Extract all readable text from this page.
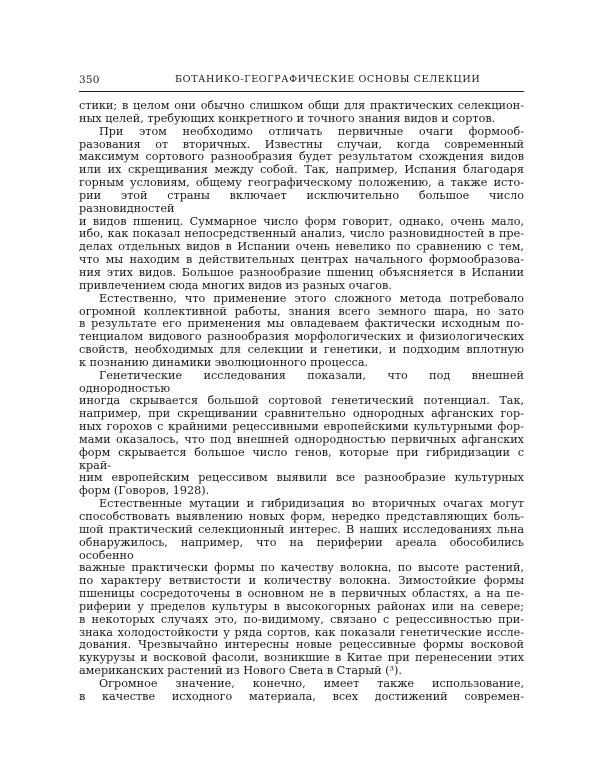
350	БОТАНИКО-ГЕОГРАФИЧЕСКИЕ ОСНОВЫ СЕЛЕКЦИИ

стики; в целом они обычно слишком общи для практических селекцион-
ных целей, требующих конкретного и точного знания видов и сортов.

При этом необходимо отличать первичные очаги формооб-
разования от вторичных. Известны случаи, когда современный
максимум сортового разнообразия будет результатом схождения видов
или их скрещивания между собой. Так, например, Испания благодаря
горным условиям, общему географическому положению, а также исто-
рии этой страны включает исключительно большое число разновидностей
и видов пшениц. Суммарное число форм говорит, однако, очень мало,
ибо, как показал непосредственный анализ, число разновидностей в пре-
делах отдельных видов в Испании очень невелико по сравнению с тем,
что мы находим в действительных центрах начального формообразова-
ния этих видов. Большое разнообразие пшениц объясняется в Испании
привлечением сюда многих видов из разных очагов.

Естественно, что применение этого сложного метода потребовало
огромной коллективной работы, знания всего земного шара, но зато
в результате его применения мы овладеваем фактически исходным по-
тенциалом видового разнообразия морфологических и физиологических
свойств, необходимых для селекции и генетики, и подходим вплотную
к познанию динамики эволюционного процесса.

Генетические исследования показали, что под внешней однородностью
иногда скрывается большой сортовой генетический потенциал. Так,
например, при скрещивании сравнительно однородных афганских гор-
ных горохов с крайними рецессивными европейскими культурными фор-
мами оказалось, что под внешней однородностью первичных афганских
форм скрывается большое число генов, которые при гибридизации с край-
ним европейским рецессивом выявили все разнообразие культурных
форм (Говоров, 1928).

Естественные мутации и гибридизация во вторичных очагах могут
способствовать выявлению новых форм, нередко представляющих боль-
шой практический селекционный интерес. В наших исследованиях льна
обнаружилось, например, что на периферии ареала обособились особенно
важные практически формы по качеству волокна, по высоте растений,
по характеру ветвистости и количеству волокна. Зимостойкие формы
пшеницы сосредоточены в основном не в первичных областях, а на пе-
риферии у пределов культуры в высокогорных районах или на севере;
в некоторых случаях это, по-видимому, связано с рецессивностью при-
знака холодостойкости у ряда сортов, как показали генетические иссле-
дования. Чрезвычайно интересны новые рецессивные формы восковой
кукурузы и восковой фасоли, возникшие в Китае при перенесении этих
американских растений из Нового Света в Старый (³).

Огромное значение, конечно, имеет также использование,
в качестве исходного материала, всех достижений современ-
